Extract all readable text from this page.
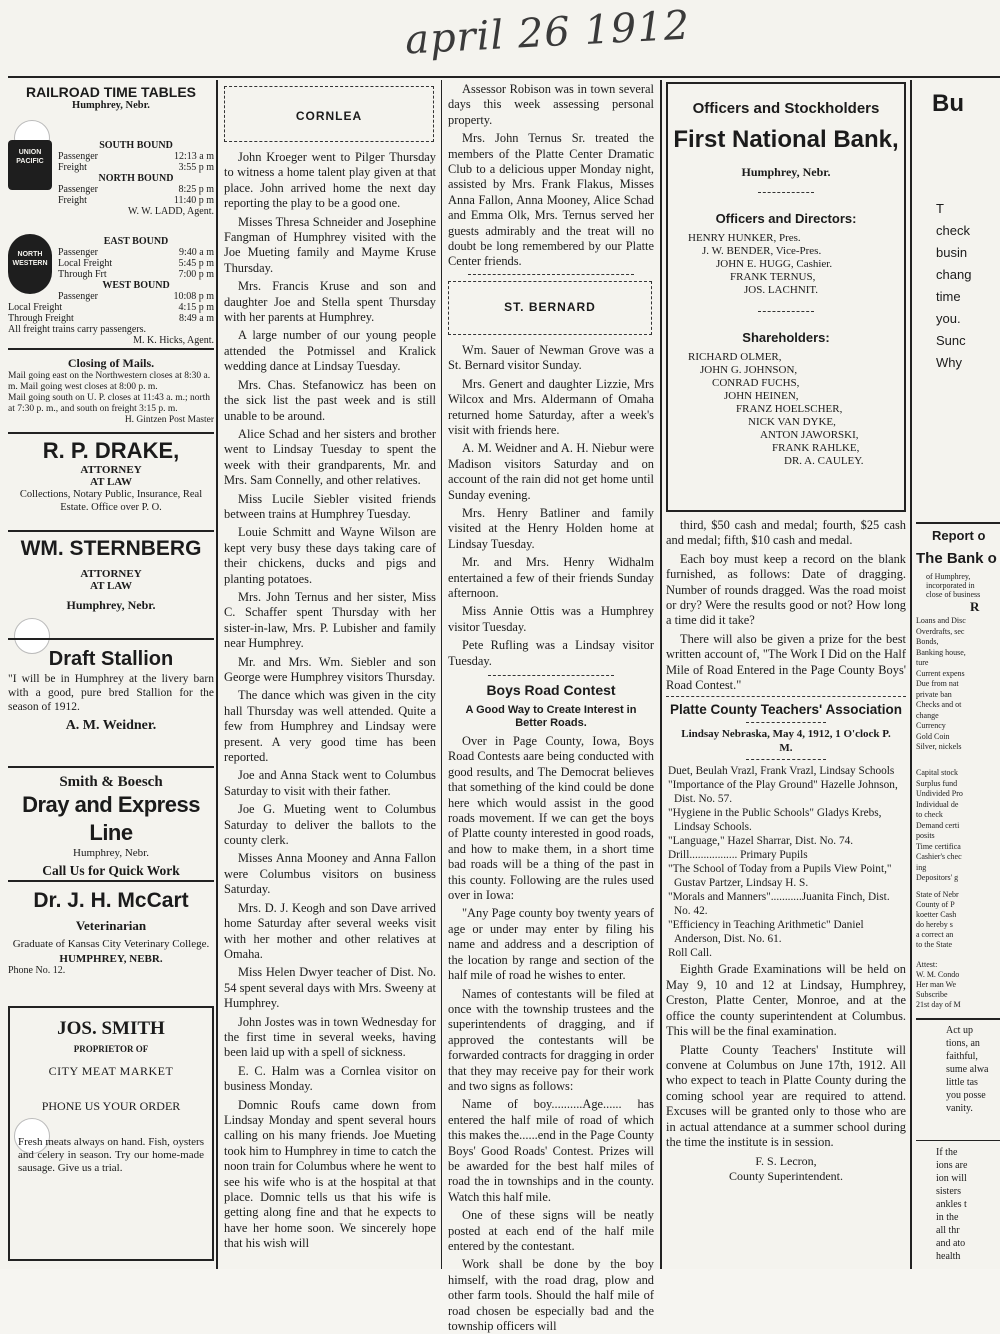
april 26 1912
RAILROAD TIME TABLES
Humphrey, Nebr.
UNION PACIFIC
SOUTH BOUND
Passenger	12:13 a m
Freight	3:55 p m
NORTH BOUND
Passenger	8:25 p m
Freight	11:40 p m
W. W. LADD, Agent.
NORTH WESTERN
EAST BOUND
Passenger	9:40 a m
Local Freight	5:45 p m
Through Frt	7:00 p m
WEST BOUND
Passenger	10:08 p m
Local Freight	4:15 p m
Through Freight	8:49 a m
All freight trains carry passengers.
M. K. Hicks, Agent.
Closing of Mails.
Mail going east on the Northwestern closes at 8:30 a. m. Mail going west closes at 8:00 p. m.
Mail going south on U. P. closes at 11:43 a. m.; north at 7:30 p. m., and south on freight 3:15 p. m.
H. Gintzen Post Master
R. P. DRAKE,
ATTORNEY
AT LAW
Collections, Notary Public, Insurance, Real Estate. Office over P. O.
WM. STERNBERG
ATTORNEY
AT LAW
Humphrey, Nebr.
Draft Stallion
"I will be in Humphrey at the livery barn with a good, pure bred Stallion for the season of 1912.
A. M. Weidner.
Smith & Boesch
Dray and Express Line
Humphrey, Nebr.
Call Us for Quick Work
Dr. J. H. McCart
Veterinarian
Graduate of Kansas City Veterinary College.
HUMPHREY, NEBR.
Phone No. 12.
JOS. SMITH
PROPRIETOR OF
CITY MEAT MARKET
PHONE US YOUR ORDER
Fresh meats always on hand. Fish, oysters and celery in season. Try our home-made sausage. Give us a trial.
CORNLEA

John Kroeger went to Pilger Thursday to witness a home talent play given at that place. John arrived home the next day reporting the play to be a good one.

Misses Thresa Schneider and Josephine Fangman of Humphrey visited with the Joe Mueting family and Mayme Kruse Thursday.

Mrs. Francis Kruse and son and daughter Joe and Stella spent Thursday with her parents at Humphrey.

A large number of our young people attended the Potmissel and Kralick wedding dance at Lindsay Tuesday.

Mrs. Chas. Stefanowicz has been on the sick list the past week and is still unable to be around.

Alice Schad and her sisters and brother went to Lindsay Tuesday to spent the week with their grandparents, Mr. and Mrs. Sam Connelly, and other relatives.

Miss Lucile Siebler visited friends between trains at Humphrey Tuesday.

Louie Schmitt and Wayne Wilson are kept very busy these days taking care of their chickens, ducks and pigs and planting potatoes.

Mrs. John Ternus and her sister, Miss C. Schaffer spent Thursday with her sister-in-law, Mrs. P. Lubisher and family near Humphrey.

Mr. and Mrs. Wm. Siebler and son George were Humphrey visitors Thursday.

The dance which was given in the city hall Thursday was well attended. Quite a few from Humphrey and Lindsay were present. A very good time has been reported.

Joe and Anna Stack went to Columbus Saturday to visit with their father.

Joe G. Mueting went to Columbus Saturday to deliver the ballots to the county clerk.

Misses Anna Mooney and Anna Fallon were Columbus visitors on business Saturday.

Mrs. D. J. Keogh and son Dave arrived home Saturday after several weeks visit with her mother and other relatives at Omaha.

Miss Helen Dwyer teacher of Dist. No. 54 spent several days with Mrs. Sweeny at Humphrey.

John Jostes was in town Wednesday for the first time in several weeks, having been laid up with a spell of sickness.

E. C. Halm was a Cornlea visitor on business Monday.

Domnic Roufs came down from Lindsay Monday and spent several hours calling on his many friends. Joe Mueting took him to Humphrey in time to catch the noon train for Columbus where he went to see his wife who is at the hospital at that place. Domnic tells us that his wife is getting along fine and that he expects to have her home soon. We sincerely hope that his wish will

Assessor Robison was in town several days this week assessing personal property.

Mrs. John Ternus Sr. treated the members of the Platte Center Dramatic Club to a delicious upper Monday night, assisted by Mrs. Frank Flakus, Misses Anna Fallon, Anna Mooney, Alice Schad and Emma Olk, Mrs. Ternus served her guests admirably and the treat will no doubt be long remembered by our Platte Center friends.

ST. BERNARD

Wm. Sauer of Newman Grove was a St. Bernard visitor Sunday.

Mrs. Genert and daughter Lizzie, Mrs Wilcox and Mrs. Aldermann of Omaha returned home Saturday, after a week's visit with friends here.

A. M. Weidner and A. H. Niebur were Madison visitors Saturday and on account of the rain did not get home until Sunday evening.

Mrs. Henry Batliner and family visited at the Henry Holden home at Lindsay Tuesday.

Mr. and Mrs. Henry Widhalm entertained a few of their friends Sunday afternoon.

Miss Annie Ottis was a Humphrey visitor Tuesday.

Pete Rufling was a Lindsay visitor Tuesday.

Boys Road Contest
A Good Way to Create Interest in Better Roads.

Over in Page County, Iowa, Boys Road Contests aare being conducted with good results, and The Democrat believes that something of the kind could be done here which would assist in the good roads movement. If we can get the boys of Platte county interested in good roads, and how to make them, in a short time bad roads will be a thing of the past in this county. Following are the rules used over in Iowa:

"Any Page county boy twenty years of age or under may enter by filing his name and address and a description of the location by range and section of the half mile of road he wishes to enter.

Names of contestants will be filed at once with the township trustees and the superintendents of dragging, and if approved the contestants will be forwarded contracts for dragging in order that they may receive pay for their work and two signs as follows:

Name of boy..........Age...... has entered the half mile of road of which this makes the......end in the Page County Boys' Good Roads' Contest. Prizes will be awarded for the best half miles of road the in townships and in the county. Watch this half mile.

One of these signs will be neatly posted at each end of the half mile entered by the contestant.

Work shall be done by the boy himself, with the road drag, plow and other farm tools. Should the half mile of road chosen be especially bad and the township officers will

Officers and Stockholders
First National Bank,
Humphrey, Nebr.
Officers and Directors:
HENRY HUNKER, Pres.
J. W. BENDER, Vice-Pres.
JOHN E. HUGG, Cashier.
FRANK TERNUS,
JOS. LACHNIT.
Shareholders:
RICHARD OLMER,
JOHN G. JOHNSON,
CONRAD FUCHS,
JOHN HEINEN,
FRANZ HOELSCHER,
NICK VAN DYKE,
ANTON JAWORSKI,
FRANK RAHLKE,
DR. A. CAULEY.

third, $50 cash and medal; fourth, $25 cash and medal; fifth, $10 cash and medal.

Each boy must keep a record on the blank furnished, as follows: Date of dragging. Number of rounds dragged. Was the road moist or dry? Were the results good or not? How long a time did it take?

There will also be given a prize for the best written account of, "The Work I Did on the Half Mile of Road Entered in the Page County Boys' Road Contest."

Platte County Teachers' Association
Lindsay Nebraska, May 4, 1912, 1 O'clock P. M.
Duet, Beulah Vrazl, Frank Vrazl, Lindsay Schools
"Importance of the Play Ground" Hazelle Johnson, Dist. No. 57.
"Hygiene in the Public Schools" Gladys Krebs, Lindsay Schools.
"Language," Hazel Sharrar, Dist. No. 74.
Drill................. Primary Pupils
"The School of Today from a Pupils View Point," Gustav Partzer, Lindsay H. S.
"Morals and Manners"...........Juanita Finch, Dist. No. 42.
"Efficiency in Teaching Arithmetic" Daniel Anderson, Dist. No. 61.
Roll Call.

Eighth Grade Examinations will be held on May 9, 10 and 12 at Lindsay, Humphrey, Creston, Platte Center, Monroe, and at the office the county superintendent at Columbus. This will be the final examination.

Platte County Teachers' Institute will convene at Columbus on June 17th, 1912. All who expect to teach in Platte County during the coming school year are required to attend. Excuses will be granted only to those who are in actual attendance at a summer school during the time the institute is in session.

F. S. Lecron,
County Superintendent.
Bu
T
check
busin
chang
time
you.
Sunc
Why
Report o
The Bank o
of Humphrey,
incorporated in
close of business
R
Loans and Disc
Overdrafts, sec
Bonds,
Banking house,
ture
Current expens
Due from nat
private ban
Checks and ot
change
Currency
Gold Coin
Silver, nickels
Capital stock
Surplus fund
Undivided Pro
Individual de
to check
Demand certi
posits
Time certifica
Cashier's chec
ing
Depositors' g
State of Nebr
County of P
koetter Cash
do hereby s
a correct an
to the State
Attest:
W. M. Condo
Her man We
Subscribe
21st day of M
Act up
tions, an
faithful,
sume alwa
little tas
you posse
vanity.
If the
ions are
ion will
sisters
ankles t
in the
all thr
and ato
health
